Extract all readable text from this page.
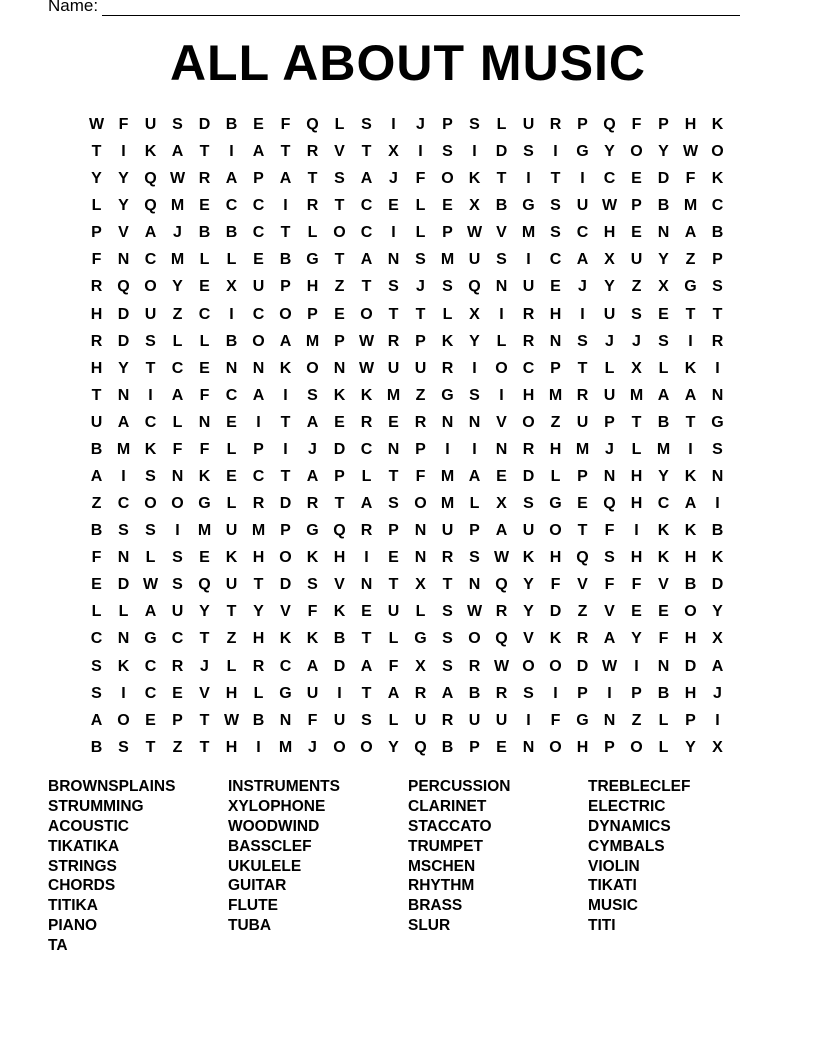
Name:
ALL ABOUT MUSIC
W F	U S D B E	F Q L	S	I	J	P	S	L	U R P Q F	P H K
T	I	K A	T	I	A	T	R V	T	X	I	S	I	D S	I	G Y O Y W O
Y	Y Q W R A P A	T	S A	J	F O K	T	I	T	I	C E D	F	K
L	Y Q M E C C	I	R	T	C E	L	E	X B G S U W P B M C
P	V A	J	B B C	T	L O C	I	L	P W V M S C H E N A B
F	N C M L	L	E B G T	A N S M U S	I	C A X U Y	Z	P
R Q O Y	E	X U P H	Z	T	S	J	S Q N U E	J	Y	Z	X G S
H D U	Z	C	I	C O P	E O T	T	L	X	I	R H	I	U S	E	T	T
R D S	L	L	B O A M P W R P K Y	L	R N S	J	J	S	I	R
H Y	T	C E N N K O N W U U R	I	O C P	T	L	X	L	K	I
T	N	I	A	F	C A	I	S K K M Z G S	I	H M R U M A A N
U A C	L	N E	I	T	A E R E R N N V O Z	U P	T	B	T G
B M K	F	F	L	P	I	J	D C N P	I	I	N R H M J	L M	I	S
A	I	S N K E C	T	A P	L	T	F M A E D	L	P N H Y K N
Z	C O O G L	R D R	T	A S O M L	X	S G E Q H C A	I
B S	S	I	M U M P G Q R P N U P A U O T	F	I	K K B
F	N	L	S	E K H O K H	I	E N R S W K H Q S H K H K
E D W S Q U	T	D S	V N	T	X	T	N Q Y	F	V	F	F	V B D
L	L	A U Y	T	Y	V	F	K E U	L	S W R Y D	Z	V	E	E O Y
C N G C	T	Z	H K K B	T	L G S O Q V K R A Y	F	H X
S K C R	J	L	R C A D A	F	X	S R W O O D W	I	N D A
S	I	C E	V H	L G U	I	T	A R A B R S	I	P	I	P B H	J
A O E	P	T W B N	F	U S	L	U R U U	I	F G N	Z	L	P	I
B S	T	Z	T	H	I	M J	O O Y Q B P	E N O H P O L	Y	X
BROWNSPLAINS
STRUMMING
ACOUSTIC
TIKATIKA
STRINGS
CHORDS
TITIKA
PIANO
TA
INSTRUMENTS
XYLOPHONE
WOODWIND
BASSCLEF
UKULELE
GUITAR
FLUTE
TUBA
PERCUSSION
CLARINET
STACCATO
TRUMPET
MSCHEN
RHYTHM
BRASS
SLUR
TREBLECLEF
ELECTRIC
DYNAMICS
CYMBALS
VIOLIN
TIKATI
MUSIC
TITI
